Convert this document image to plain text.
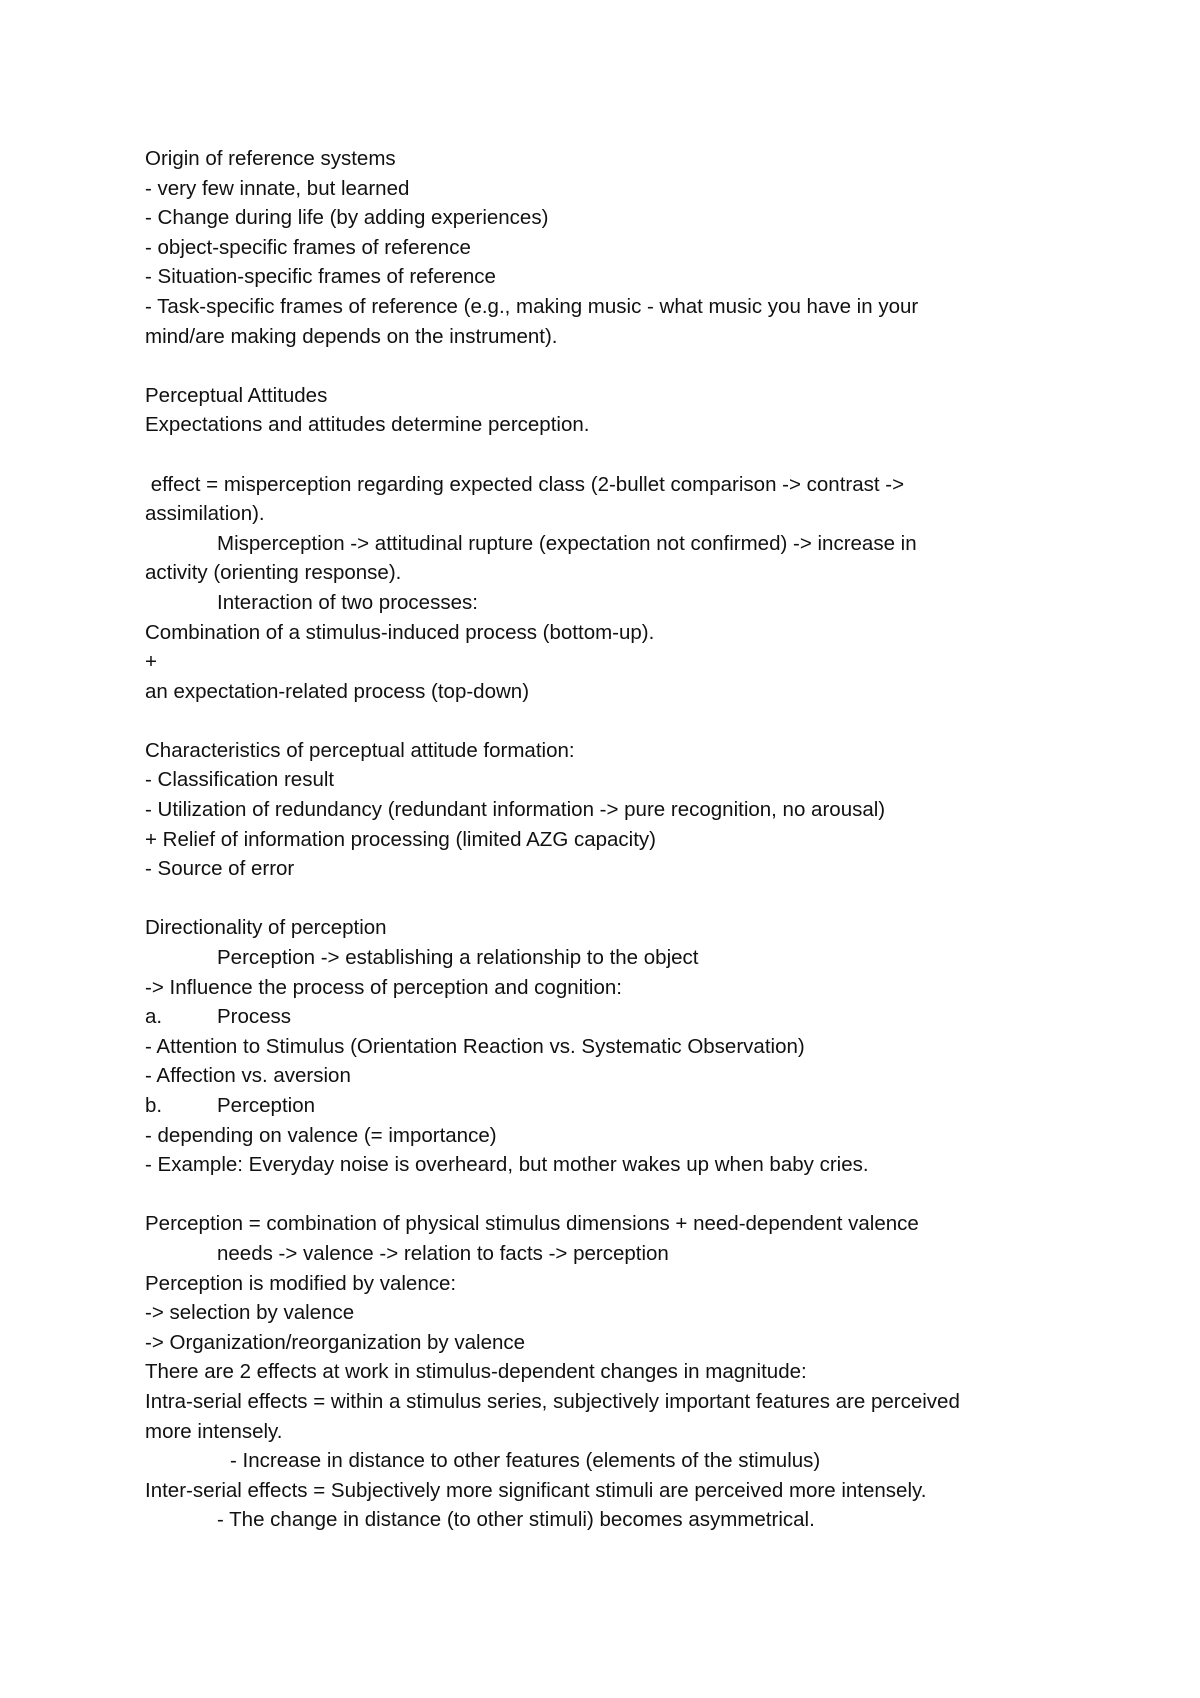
Origin of reference systems
- very few innate, but learned
- Change during life (by adding experiences)
- object-specific frames of reference
- Situation-specific frames of reference
- Task-specific frames of reference (e.g., making music - what music you have in your
mind/are making depends on the instrument).
Perceptual Attitudes
Expectations and attitudes determine perception.
effect = misperception regarding expected class (2-bullet comparison -> contrast ->
assimilation).
Misperception -> attitudinal rupture (expectation not confirmed) -> increase in
activity (orienting response).
Interaction of two processes:
Combination of a stimulus-induced process (bottom-up).
+
an expectation-related process (top-down)
Characteristics of perceptual attitude formation:
- Classification result
- Utilization of redundancy (redundant information -> pure recognition, no arousal)
+ Relief of information processing (limited AZG capacity)
- Source of error
Directionality of perception
Perception -> establishing a relationship to the object
-> Influence the process of perception and cognition:
a.	Process
- Attention to Stimulus (Orientation Reaction vs. Systematic Observation)
- Affection vs. aversion
b.	Perception
- depending on valence (= importance)
- Example: Everyday noise is overheard, but mother wakes up when baby cries.
Perception = combination of physical stimulus dimensions + need-dependent valence
needs -> valence -> relation to facts -> perception
Perception is modified by valence:
-> selection by valence
-> Organization/reorganization by valence
There are 2 effects at work in stimulus-dependent changes in magnitude:
Intra-serial effects = within a stimulus series, subjectively important features are perceived
more intensely.
- Increase in distance to other features (elements of the stimulus)
Inter-serial effects = Subjectively more significant stimuli are perceived more intensely.
- The change in distance (to other stimuli) becomes asymmetrical.
